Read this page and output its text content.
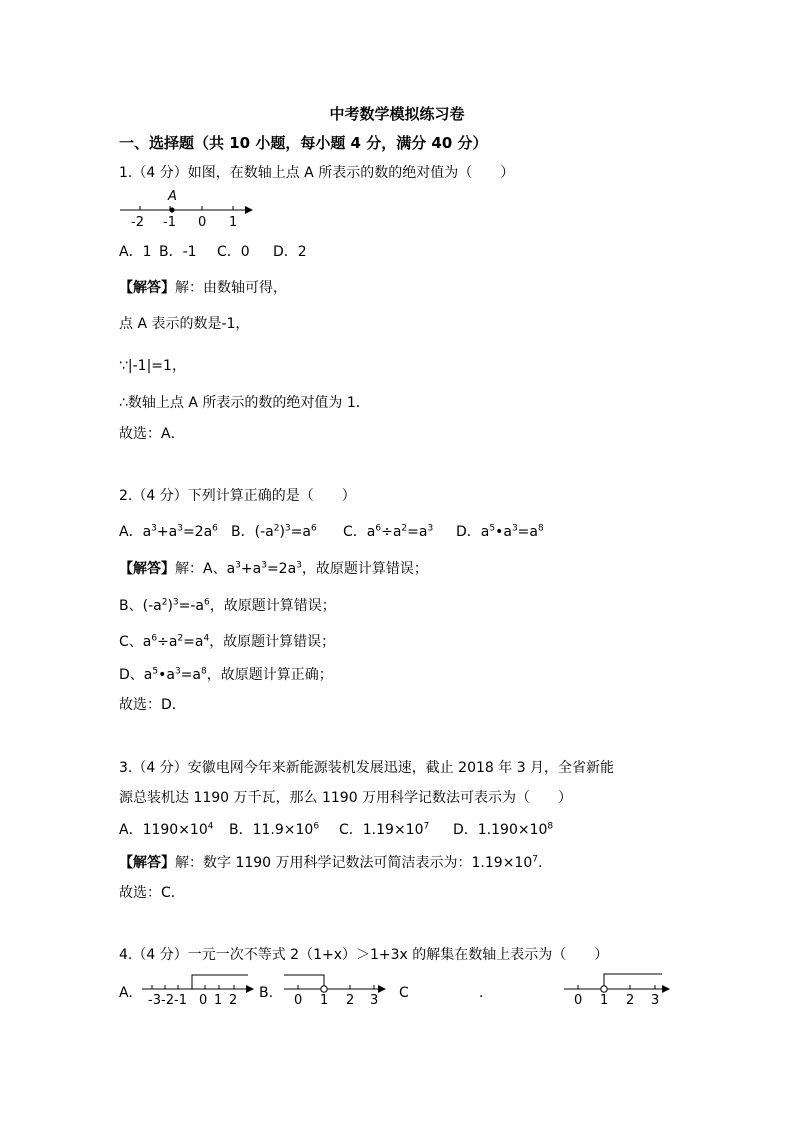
中考数学模拟练习卷
一、选择题（共 10 小题，每小题 4 分，满分 40 分）
1.（4 分）如图，在数轴上点 A 所表示的数的绝对值为（　　）
A
-2 -1 0 1
A．1 B．-1 C．0 D．2
【解答】解：由数轴可得，
点 A 表示的数是-1，
∵|-1|=1，
∴数轴上点 A 所表示的数的绝对值为 1．
故选：A．
2.（4 分）下列计算正确的是（　　）
A．$a^3+a^3=2a^6$ B．$(-a^2)^3=a^6$ C．$a^6\div a^2=a^3$ D．$a^5•a^3=a^8$
【解答】解：A、$a^3+a^3=2a^3$，故原题计算错误；
B、$(-a^2)^3=-a^6$，故原题计算错误；
C、$a^6\div a^2=a^4$，故原题计算错误；
D、$a^5•a^3=a^8$，故原题计算正确；
故选：D．
3.（4 分）安徽电网今年来新能源装机发展迅速，截止 2018 年 3 月，全省新能
源总装机达 1190 万千瓦，那么 1190 万用科学记数法可表示为（　　）
A．$1190\times 10^4$ B．$11.9\times 10^6$ C．$1.19\times 10^7$ D．$1.190\times 10^8$
【解答】解：数字 1190 万用科学记数法可简洁表示为：$1.19\times 10^7$．
故选：C．
4.（4 分）一元一次不等式 2（1+x）＞1+3x 的解集在数轴上表示为（　　）
A. -3 -2 -1 0 1 2 B. 0 1 2 3 C	.	0 1 2 3
